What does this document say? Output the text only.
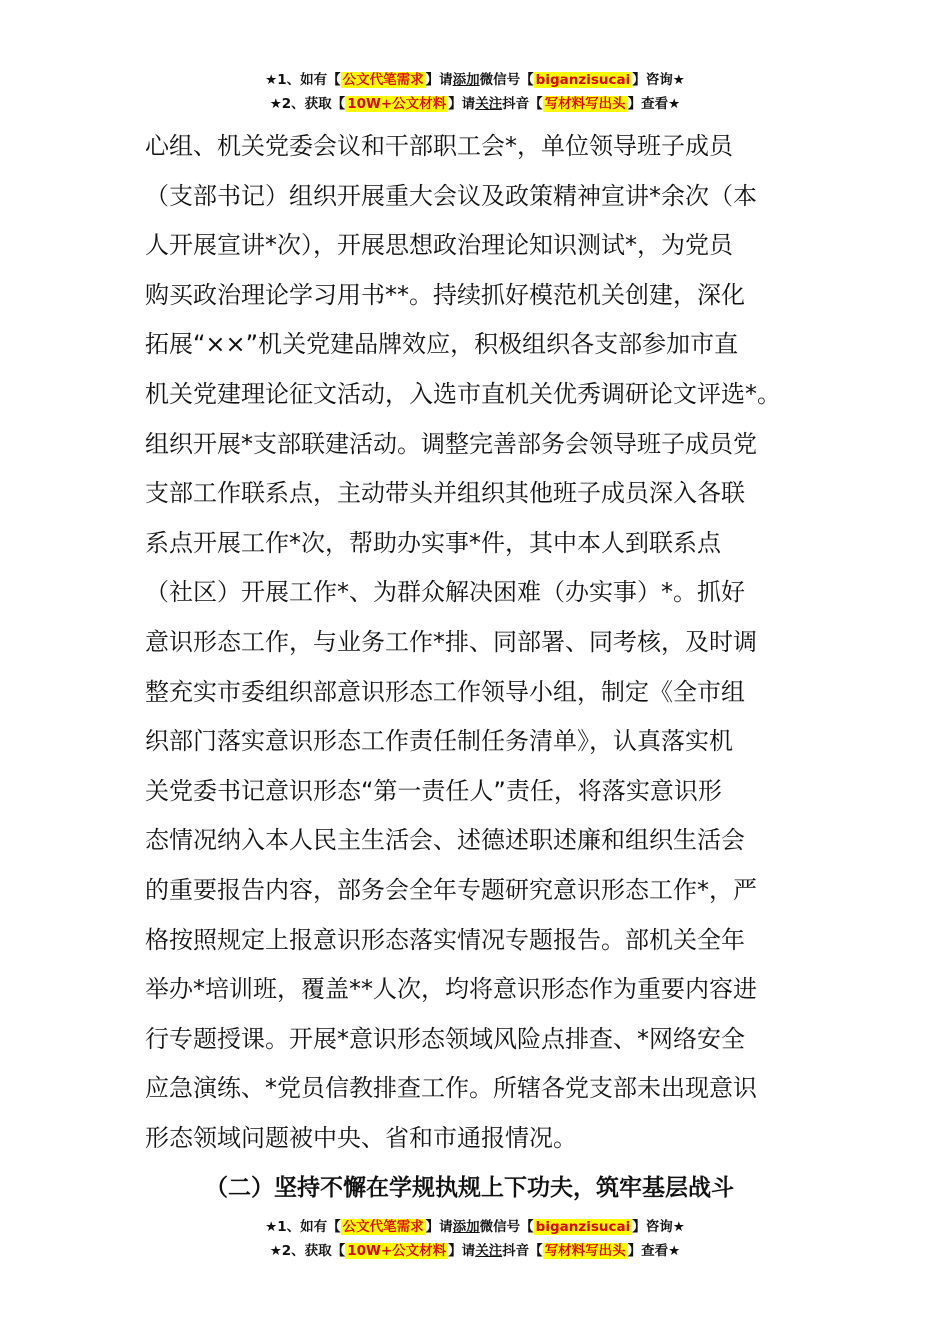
★1、如有【 公文代笔需求 】请添加微信号【 biganzisucai 】咨询★
★2、获取【 10W+公文材料 】请关注抖音【 写材料写出头 】查看★
心组、机关党委会议和干部职工会*，单位领导班子成员
（支部书记）组织开展重大会议及政策精神宣讲*余次（本
人开展宣讲*次），开展思想政治理论知识测试*，为党员
购买政治理论学习用书**。持续抓好模范机关创建，深化
拓展“××”机关党建品牌效应，积极组织各支部参加市直
机关党建理论征文活动，入选市直机关优秀调研论文评选*。
组织开展*支部联建活动。调整完善部务会领导班子成员党
支部工作联系点，主动带头并组织其他班子成员深入各联
系点开展工作*次，帮助办实事*件，其中本人到联系点
（社区）开展工作*、为群众解决困难（办实事）*。抓好
意识形态工作，与业务工作*排、同部署、同考核，及时调
整充实市委组织部意识形态工作领导小组，制定《全市组
织部门落实意识形态工作责任制任务清单》，认真落实机
关党委书记意识形态“第一责任人”责任，将落实意识形
态情况纳入本人民主生活会、述德述职述廉和组织生活会
的重要报告内容，部务会全年专题研究意识形态工作*，严
格按照规定上报意识形态落实情况专题报告。部机关全年
举办*培训班，覆盖**人次，均将意识形态作为重要内容进
行专题授课。开展*意识形态领域风险点排查、*网络安全
应急演练、*党员信教排查工作。所辖各党支部未出现意识
形态领域问题被中央、省和市通报情况。
（二）坚持不懈在学规执规上下功夫，筑牢基层战斗
★1、如有【 公文代笔需求 】请添加微信号【 biganzisucai 】咨询★
★2、获取【 10W+公文材料 】请关注抖音【 写材料写出头 】查看★
